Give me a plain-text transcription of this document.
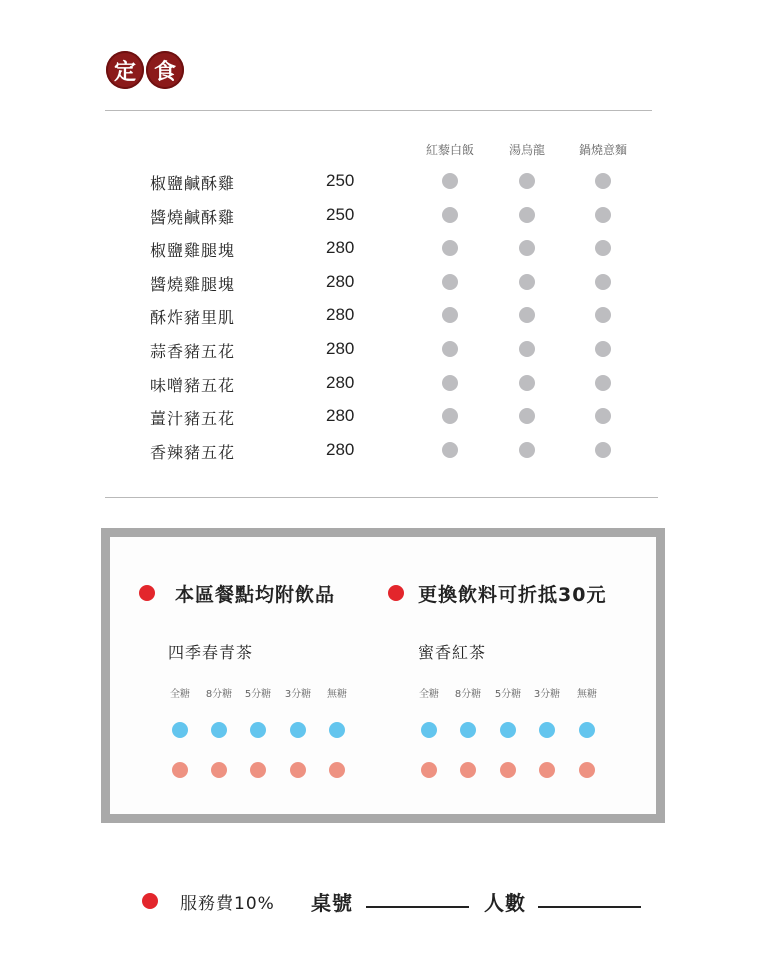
定 食
紅藜白飯	湯烏龍	鍋燒意麵
椒鹽鹹酥雞	250
醬燒鹹酥雞	250
椒鹽雞腿塊	280
醬燒雞腿塊	280
酥炸豬里肌	280
蒜香豬五花	280
味噌豬五花	280
薑汁豬五花	280
香辣豬五花	280
本區餐點均附飲品	更換飲料可折抵30元
四季春青茶	蜜香紅茶
全糖	8分糖	5分糖	3分糖	無糖	全糖	8分糖	5分糖	3分糖	無糖
服務費10% 桌號	人數
